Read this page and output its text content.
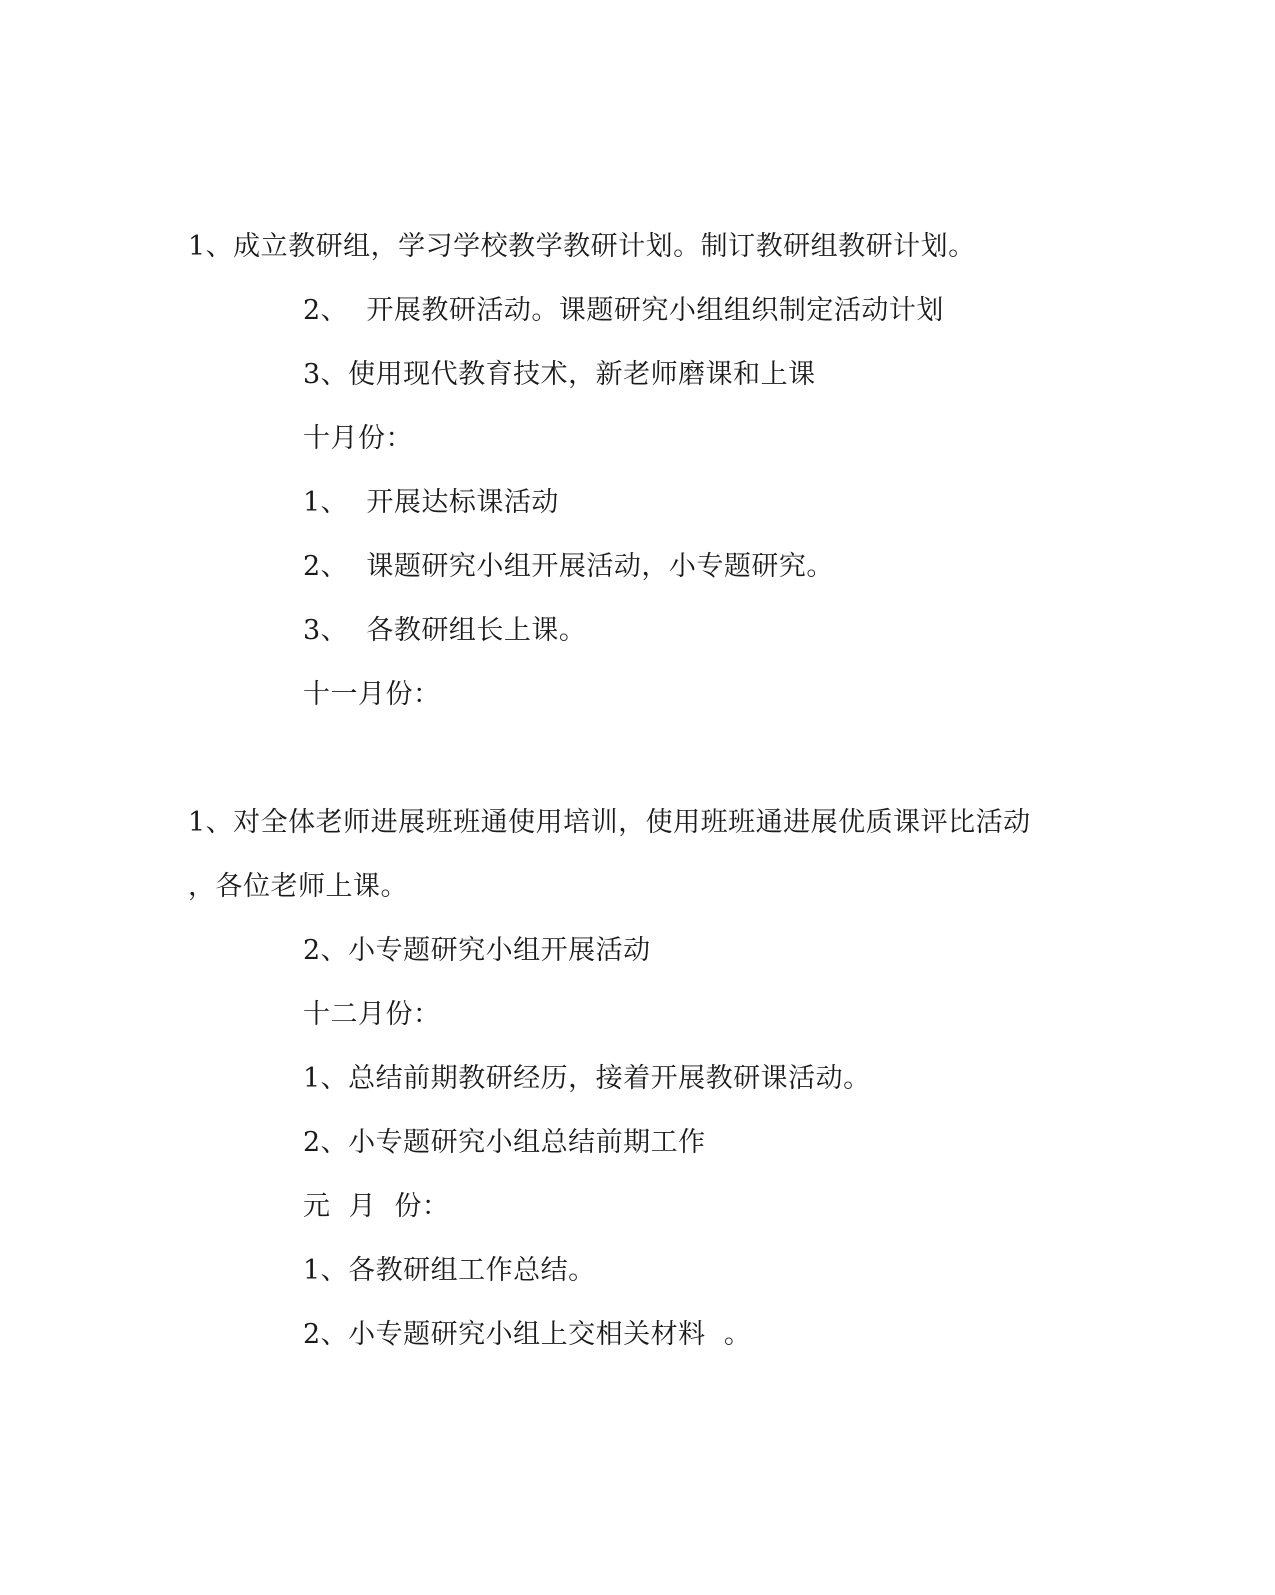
1、成立教研组，学习学校教学教研计划。制订教研组教研计划。
2、  开展教研活动。课题研究小组组织制定活动计划
3、使用现代教育技术，新老师磨课和上课
十月份：
1、  开展达标课活动
2、  课题研究小组开展活动，小专题研究。
3、  各教研组长上课。
十一月份：
1、对全体老师进展班班通使用培训，使用班班通进展优质课评比活动
，各位老师上课。
2、小专题研究小组开展活动
十二月份：
1、总结前期教研经历，接着开展教研课活动。
2、小专题研究小组总结前期工作
元  月  份：
1、各教研组工作总结。
2、小专题研究小组上交相关材料  。
